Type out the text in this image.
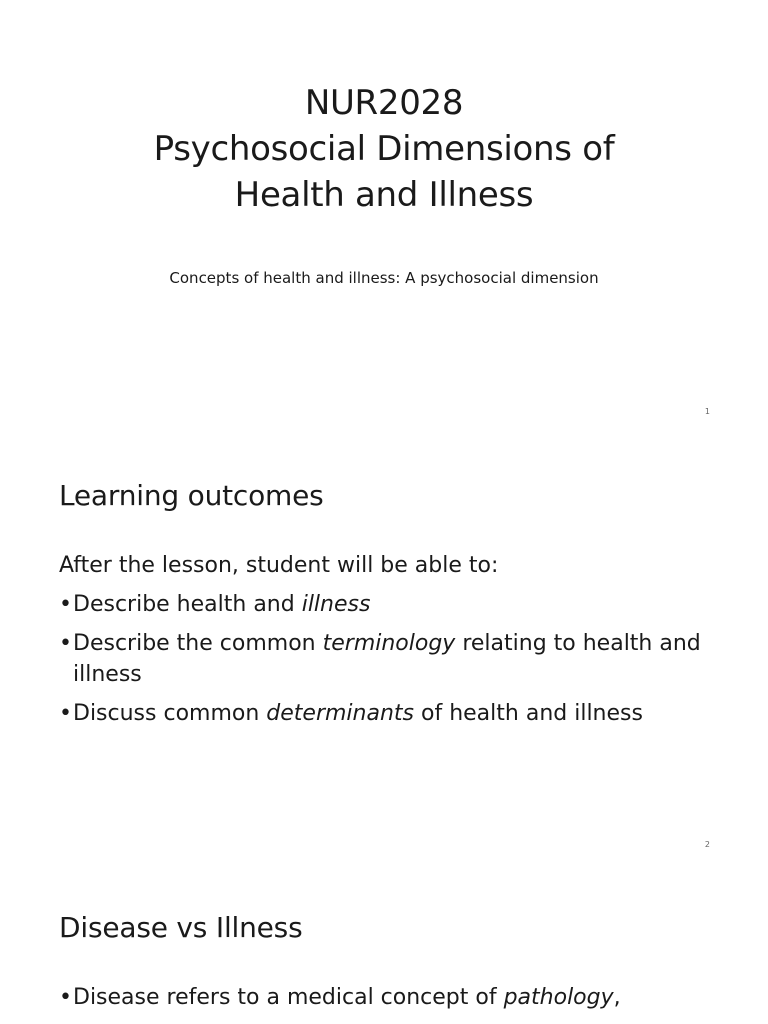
NUR2028
Psychosocial Dimensions of
Health and Illness
Concepts of health and illness: A psychosocial dimension
1
Learning outcomes
After the lesson, student will be able to:
• Describe health and illness
• Describe the common terminology relating to health and illness
• Discuss common determinants of health and illness
2
Disease vs Illness
• Disease refers to a medical concept of pathology,
